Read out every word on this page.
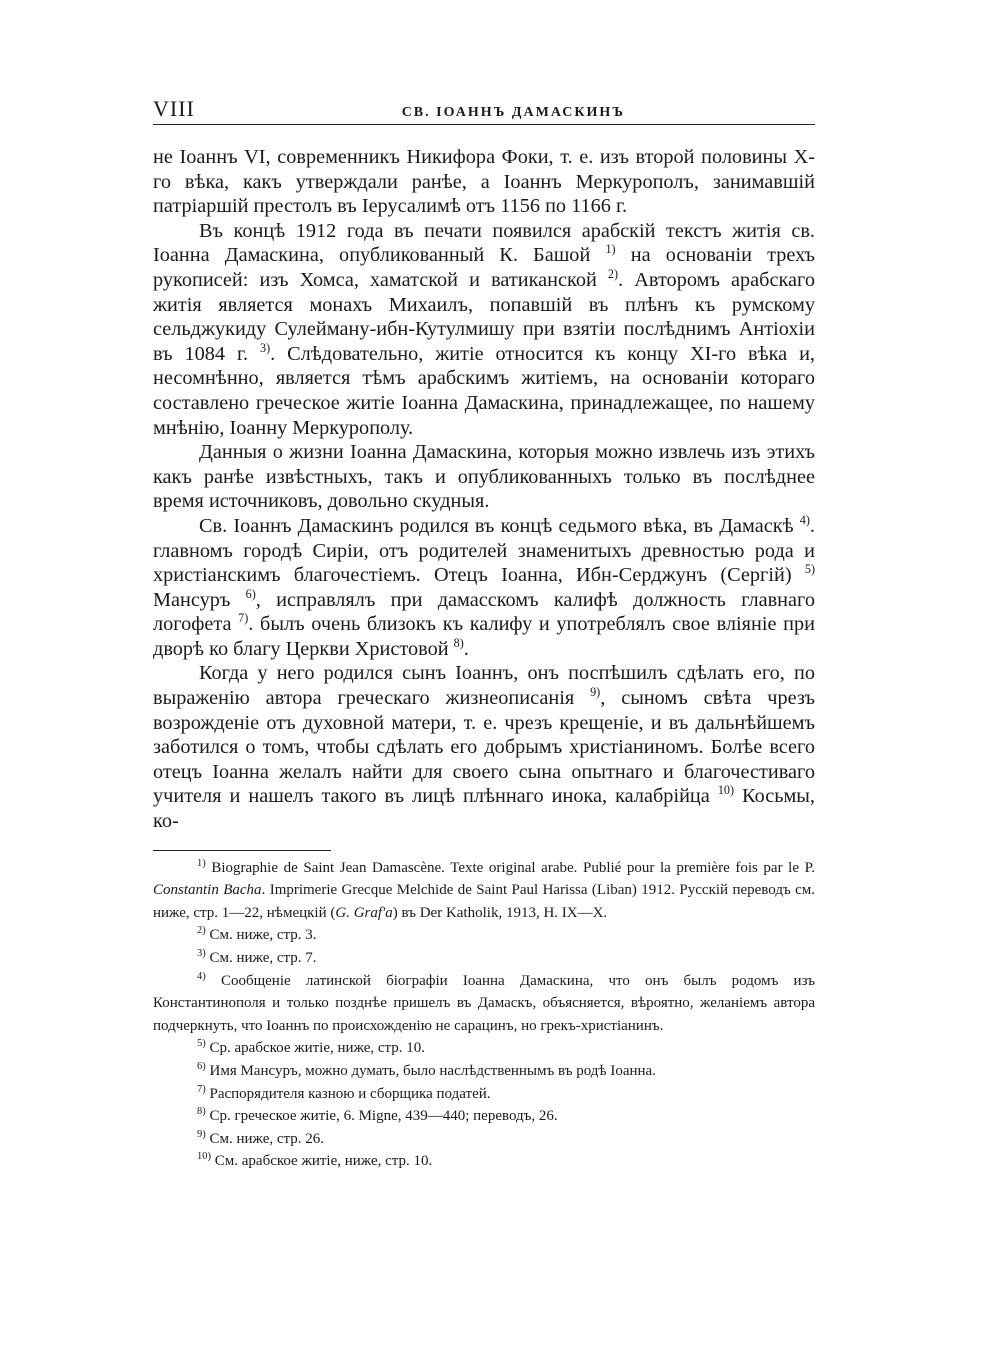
VIII	СВ. ІОАННЪ ДАМАСКИНЪ

не Іоаннъ VI, современникъ Никифора Фоки, т. е. изъ второй половины X-го вѣка, какъ утверждали ранѣе, а Іоаннъ Меркурополъ, занимавшій патріаршій престолъ въ Іерусалимѣ отъ 1156 по 1166 г.

Въ концѣ 1912 года въ печати появился арабскій текстъ житія св. Іоанна Дамаскина, опубликованный К. Башой $^{1)}$ на основаніи трехъ рукописей: изъ Хомса, хаматской и ватиканской $^{2)}$. Авторомъ арабскаго житія является монахъ Михаилъ, попавшій въ плѣнъ къ румскому сельджукиду Сулейману-ибн-Кутулмишу при взятіи послѣднимъ Антіохіи въ 1084 г. $^{3)}$. Слѣдовательно, житіе относится къ концу XI-го вѣка и, несомнѣнно, является тѣмъ арабскимъ житіемъ, на основаніи котораго составлено греческое житіе Іоанна Дамаскина, принадлежащее, по нашему мнѣнію, Іоанну Меркурополу.

Данныя о жизни Іоанна Дамаскина, которыя можно извлечь изъ этихъ какъ ранѣе извѣстныхъ, такъ и опубликованныхъ только въ послѣднее время источниковъ, довольно скудныя.

Св. Іоаннъ Дамаскинъ родился въ концѣ седьмого вѣка, въ Дамаскѣ $^{4)}$. главномъ городѣ Сиріи, отъ родителей знаменитыхъ древностью рода и христіанскимъ благочестіемъ. Отецъ Іоанна, Ибн-Серджунъ (Сергій) $^{5)}$ Мансуръ $^{6)}$, исправлялъ при дамасскомъ калифѣ должность главнаго логофета $^{7)}$. былъ очень близокъ къ калифу и употреблялъ свое вліяніе при дворѣ ко благу Церкви Христовой $^{8)}$.

Когда у него родился сынъ Іоаннъ, онъ поспѣшилъ сдѣлать его, по выраженію автора греческаго жизнеописанія $^{9)}$, сыномъ свѣта чрезъ возрожденіе отъ духовной матери, т. е. чрезъ крещеніе, и въ дальнѣйшемъ заботился о томъ, чтобы сдѣлать его добрымъ христіаниномъ. Болѣе всего отецъ Іоанна желалъ найти для своего сына опытнаго и благочестиваго учителя и нашелъ такого въ лицѣ плѣннаго инока, калабрійца $^{10)}$ Косьмы, ко-

$^{1)}$ Biographie de Saint Jean Damascène. Texte original arabe. Publié pour la première fois par le P. Constantin Bacha. Imprimerie Grecque Melchide de Saint Paul Harissa (Liban) 1912. Русскій переводъ см. ниже, стр. 1—22, нѣмецкій (G. Graf'a) въ Der Katholik, 1913, H. IX—X.

$^{2)}$ См. ниже, стр. 3.

$^{3)}$ См. ниже, стр. 7.

$^{4)}$ Сообщеніе латинской біографіи Іоанна Дамаскина, что онъ былъ родомъ изъ Константинополя и только позднѣе пришелъ въ Дамаскъ, объясняется, вѣроятно, желаніемъ автора подчеркнуть, что Іоаннъ по происхожденію не сарацинъ, но грекъ-христіанинъ.

$^{5)}$ Ср. арабское житіе, ниже, стр. 10.

$^{6)}$ Имя Мансуръ, можно думать, было наслѣдственнымъ въ родѣ Іоанна.

$^{7)}$ Распорядителя казною и сборщика податей.

$^{8)}$ Ср. греческое житіе, 6. Migne, 439—440; переводъ, 26.

$^{9)}$ См. ниже, стр. 26.

$^{10)}$ См. арабское житіе, ниже, стр. 10.
